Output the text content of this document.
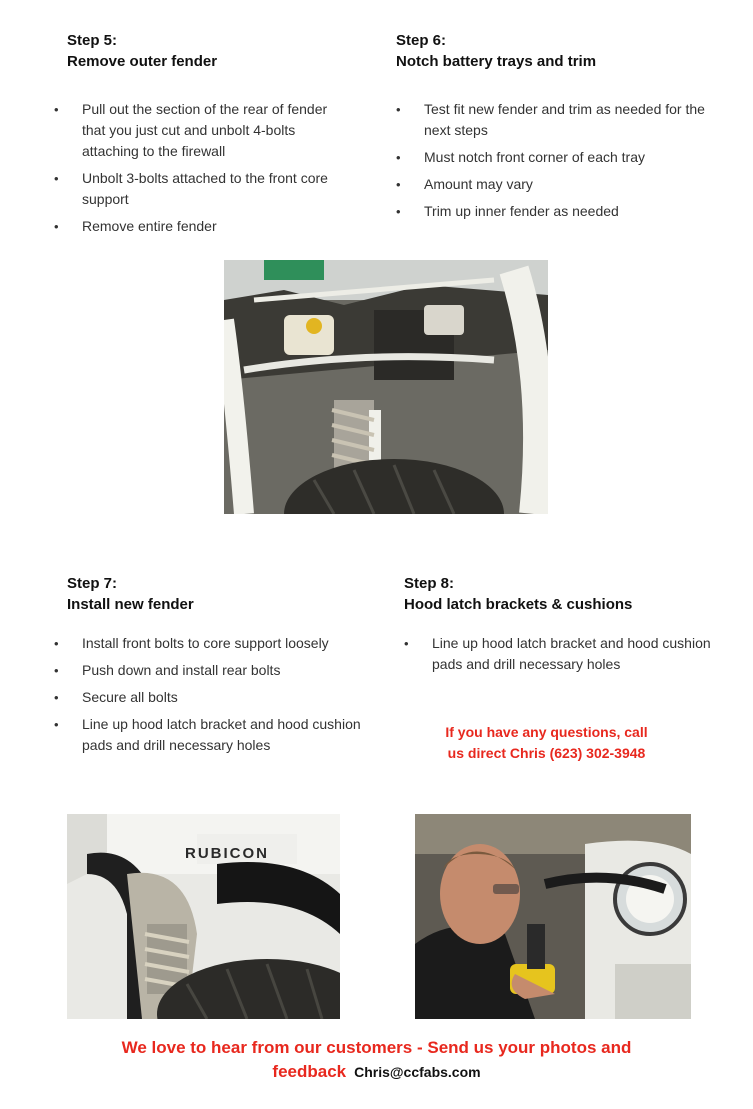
Step 5:
Remove outer fender
• Pull out the section of the rear of fender that you just cut and unbolt 4-bolts attaching to the firewall
• Unbolt 3-bolts attached to the front core support
• Remove entire fender
Step 6:
Notch battery trays and trim
• Test fit new fender and trim as needed for the next steps
• Must notch front corner of each tray
• Amount may vary
• Trim up inner fender as needed
Step 7:
Install new fender
• Install front bolts to core support loosely
• Push down and install rear bolts
• Secure all bolts
• Line up hood latch bracket and hood cushion pads and drill necessary holes
Step 8:
Hood latch brackets & cushions
• Line up hood latch bracket and hood cushion pads and drill necessary holes
If you have any questions, call
us direct Chris (623) 302-3948
RUBICON
We love to hear from our customers - Send us your photos and
feedback Chris@ccfabs.com
